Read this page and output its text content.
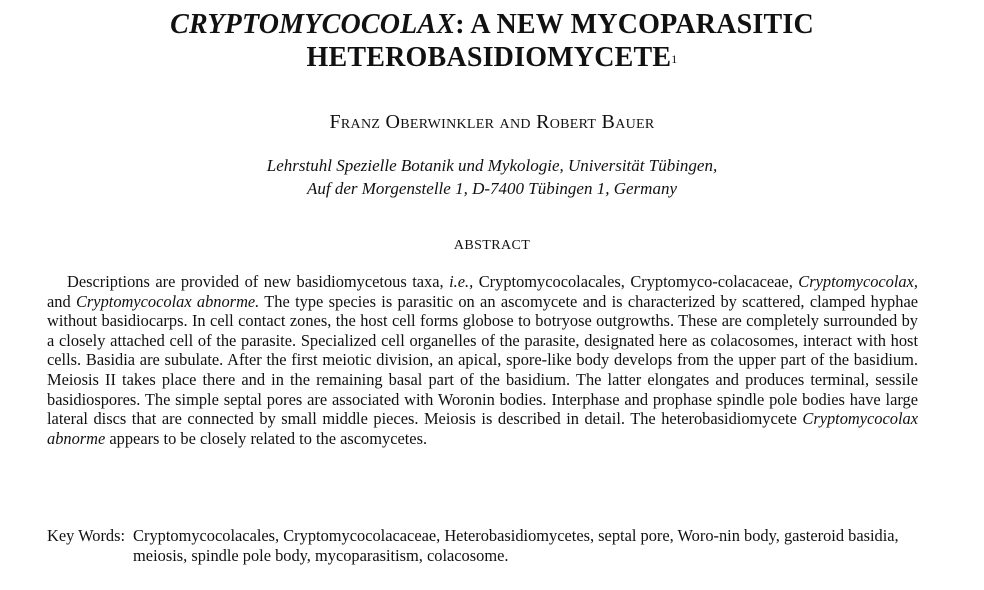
CRYPTOMYCOCOLAX: A NEW MYCOPARASITIC
HETEROBASIDIOMYCETE$^1$
Franz Oberwinkler and Robert Bauer
Lehrstuhl Spezielle Botanik und Mykologie, Universität Tübingen,
Auf der Morgenstelle 1, D-7400 Tübingen 1, Germany
ABSTRACT

Descriptions are provided of new basidiomycetous taxa, i.e., Cryptomycocolacales, Cryptomyco-colacaceae, Cryptomycocolax, and Cryptomycocolax abnorme. The type species is parasitic on an ascomycete and is characterized by scattered, clamped hyphae without basidiocarps. In cell contact zones, the host cell forms globose to botryose outgrowths. These are completely surrounded by a closely attached cell of the parasite. Specialized cell organelles of the parasite, designated here as colacosomes, interact with host cells. Basidia are subulate. After the first meiotic division, an apical, spore-like body develops from the upper part of the basidium. Meiosis II takes place there and in the remaining basal part of the basidium. The latter elongates and produces terminal, sessile basidiospores. The simple septal pores are associated with Woronin bodies. Interphase and prophase spindle pole bodies have large lateral discs that are connected by small middle pieces. Meiosis is described in detail. The heterobasidiomycete Cryptomycocolax abnorme appears to be closely related to the ascomycetes.

Key Words: Cryptomycocolacales, Cryptomycocolacaceae, Heterobasidiomycetes, septal pore, Woro-nin body, gasteroid basidia, meiosis, spindle pole body, mycoparasitism, colacosome.
